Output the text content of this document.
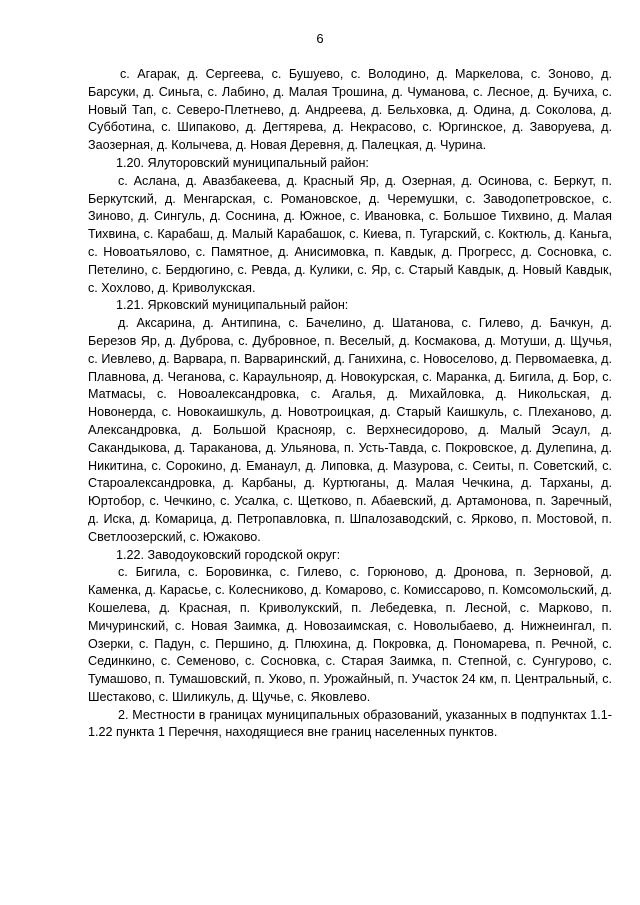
6

с. Агарак, д. Сергеева, с. Бушуево, с. Володино, д. Маркелова, с. Зоново, д. Барсуки, д. Синьга, с. Лабино, д. Малая Трошина, д. Чуманова, с. Лесное, д. Бучиха, с. Новый Тап, с. Северо-Плетнево, д. Андреева, д. Бельховка, д. Одина, д. Соколова, д. Субботина, с. Шипаково, д. Дегтярева, д. Некрасово, с. Юргинское, д. Заворуева, д. Заозерная, д. Колычева, д. Новая Деревня, д. Палецкая, д. Чурина.

1.20. Ялуторовский муниципальный район:

с. Аслана, д. Авазбакеева, д. Красный Яр, д. Озерная, д. Осинова, с. Беркут, п. Беркутский, д. Менгарская, с. Романовское, д. Черемушки, с. Заводопетровское, с. Зиново, д. Сингуль, д. Соснина, д. Южное, с. Ивановка, с. Большое Тихвино, д. Малая Тихвина, с. Карабаш, д. Малый Карабашок, с. Киева, п. Тугарский, с. Коктюль, д. Каньга, с. Новоатьялово, с. Памятное, д. Анисимовка, п. Кавдык, д. Прогресс, д. Сосновка, с. Петелино, с. Бердюгино, с. Ревда, д. Кулики, с. Яр, с. Старый Кавдык, д. Новый Кавдык, с. Хохлово, д. Криволукская.

1.21. Ярковский муниципальный район:

д. Аксарина, д. Антипина, с. Бачелино, д. Шатанова, с. Гилево, д. Бачкун, д. Березов Яр, д. Дуброва, с. Дубровное, п. Веселый, д. Космакова, д. Мотуши, д. Щучья, с. Иевлево, д. Варвара, п. Варваринский, д. Ганихина, с. Новоселово, д. Первомаевка, д. Плавнова, д. Чеганова, с. Караульнояр, д. Новокурская, с. Маранка, д. Бигила, д. Бор, с. Матмасы, с. Новоалександровка, с. Агалья, д. Михайловка, д. Никольская, д. Новонерда, с. Новокаишкуль, д. Новотроицкая, д. Старый Каишкуль, с. Плеханово, д. Александровка, д. Большой Краснояр, с. Верхнесидорово, д. Малый Эсаул, д. Сакандыкова, д. Тараканова, д. Ульянова, п. Усть-Тавда, с. Покровское, д. Дулепина, д. Никитина, с. Сорокино, д. Еманаул, д. Липовка, д. Мазурова, с. Сеиты, п. Советский, с. Староалександровка, д. Карбаны, д. Куртюганы, д. Малая Чечкина, д. Тарханы, д. Юртобор, с. Чечкино, с. Усалка, с. Щетково, п. Абаевский, д. Артамонова, п. Заречный, д. Иска, д. Комарица, д. Петропавловка, п. Шпалозаводский, с. Ярково, п. Мостовой, п. Светлоозерский, с. Южаково.

1.22. Заводоуковский городской округ:

с. Бигила, с. Боровинка, с. Гилево, с. Горюново, д. Дронова, п. Зерновой, д. Каменка, д. Карасье, с. Колесниково, д. Комарово, с. Комиссарово, п. Комсомольский, д. Кошелева, д. Красная, п. Криволукский, п. Лебедевка, п. Лесной, с. Марково, п. Мичуринский, с. Новая Заимка, д. Новозаимская, с. Новолыбаево, д. Нижнеингал, п. Озерки, с. Падун, с. Першино, д. Плюхина, д. Покровка, д. Пономарева, п. Речной, с. Сединкино, с. Семеново, с. Сосновка, с. Старая Заимка, п. Степной, с. Сунгурово, с. Тумашово, п. Тумашовский, п. Уково, п. Урожайный, п. Участок 24 км, п. Центральный, с. Шестаково, с. Шиликуль, д. Щучье, с. Яковлево.

2. Местности в границах муниципальных образований, указанных в подпунктах 1.1-1.22 пункта 1 Перечня, находящиеся вне границ населенных пунктов.
